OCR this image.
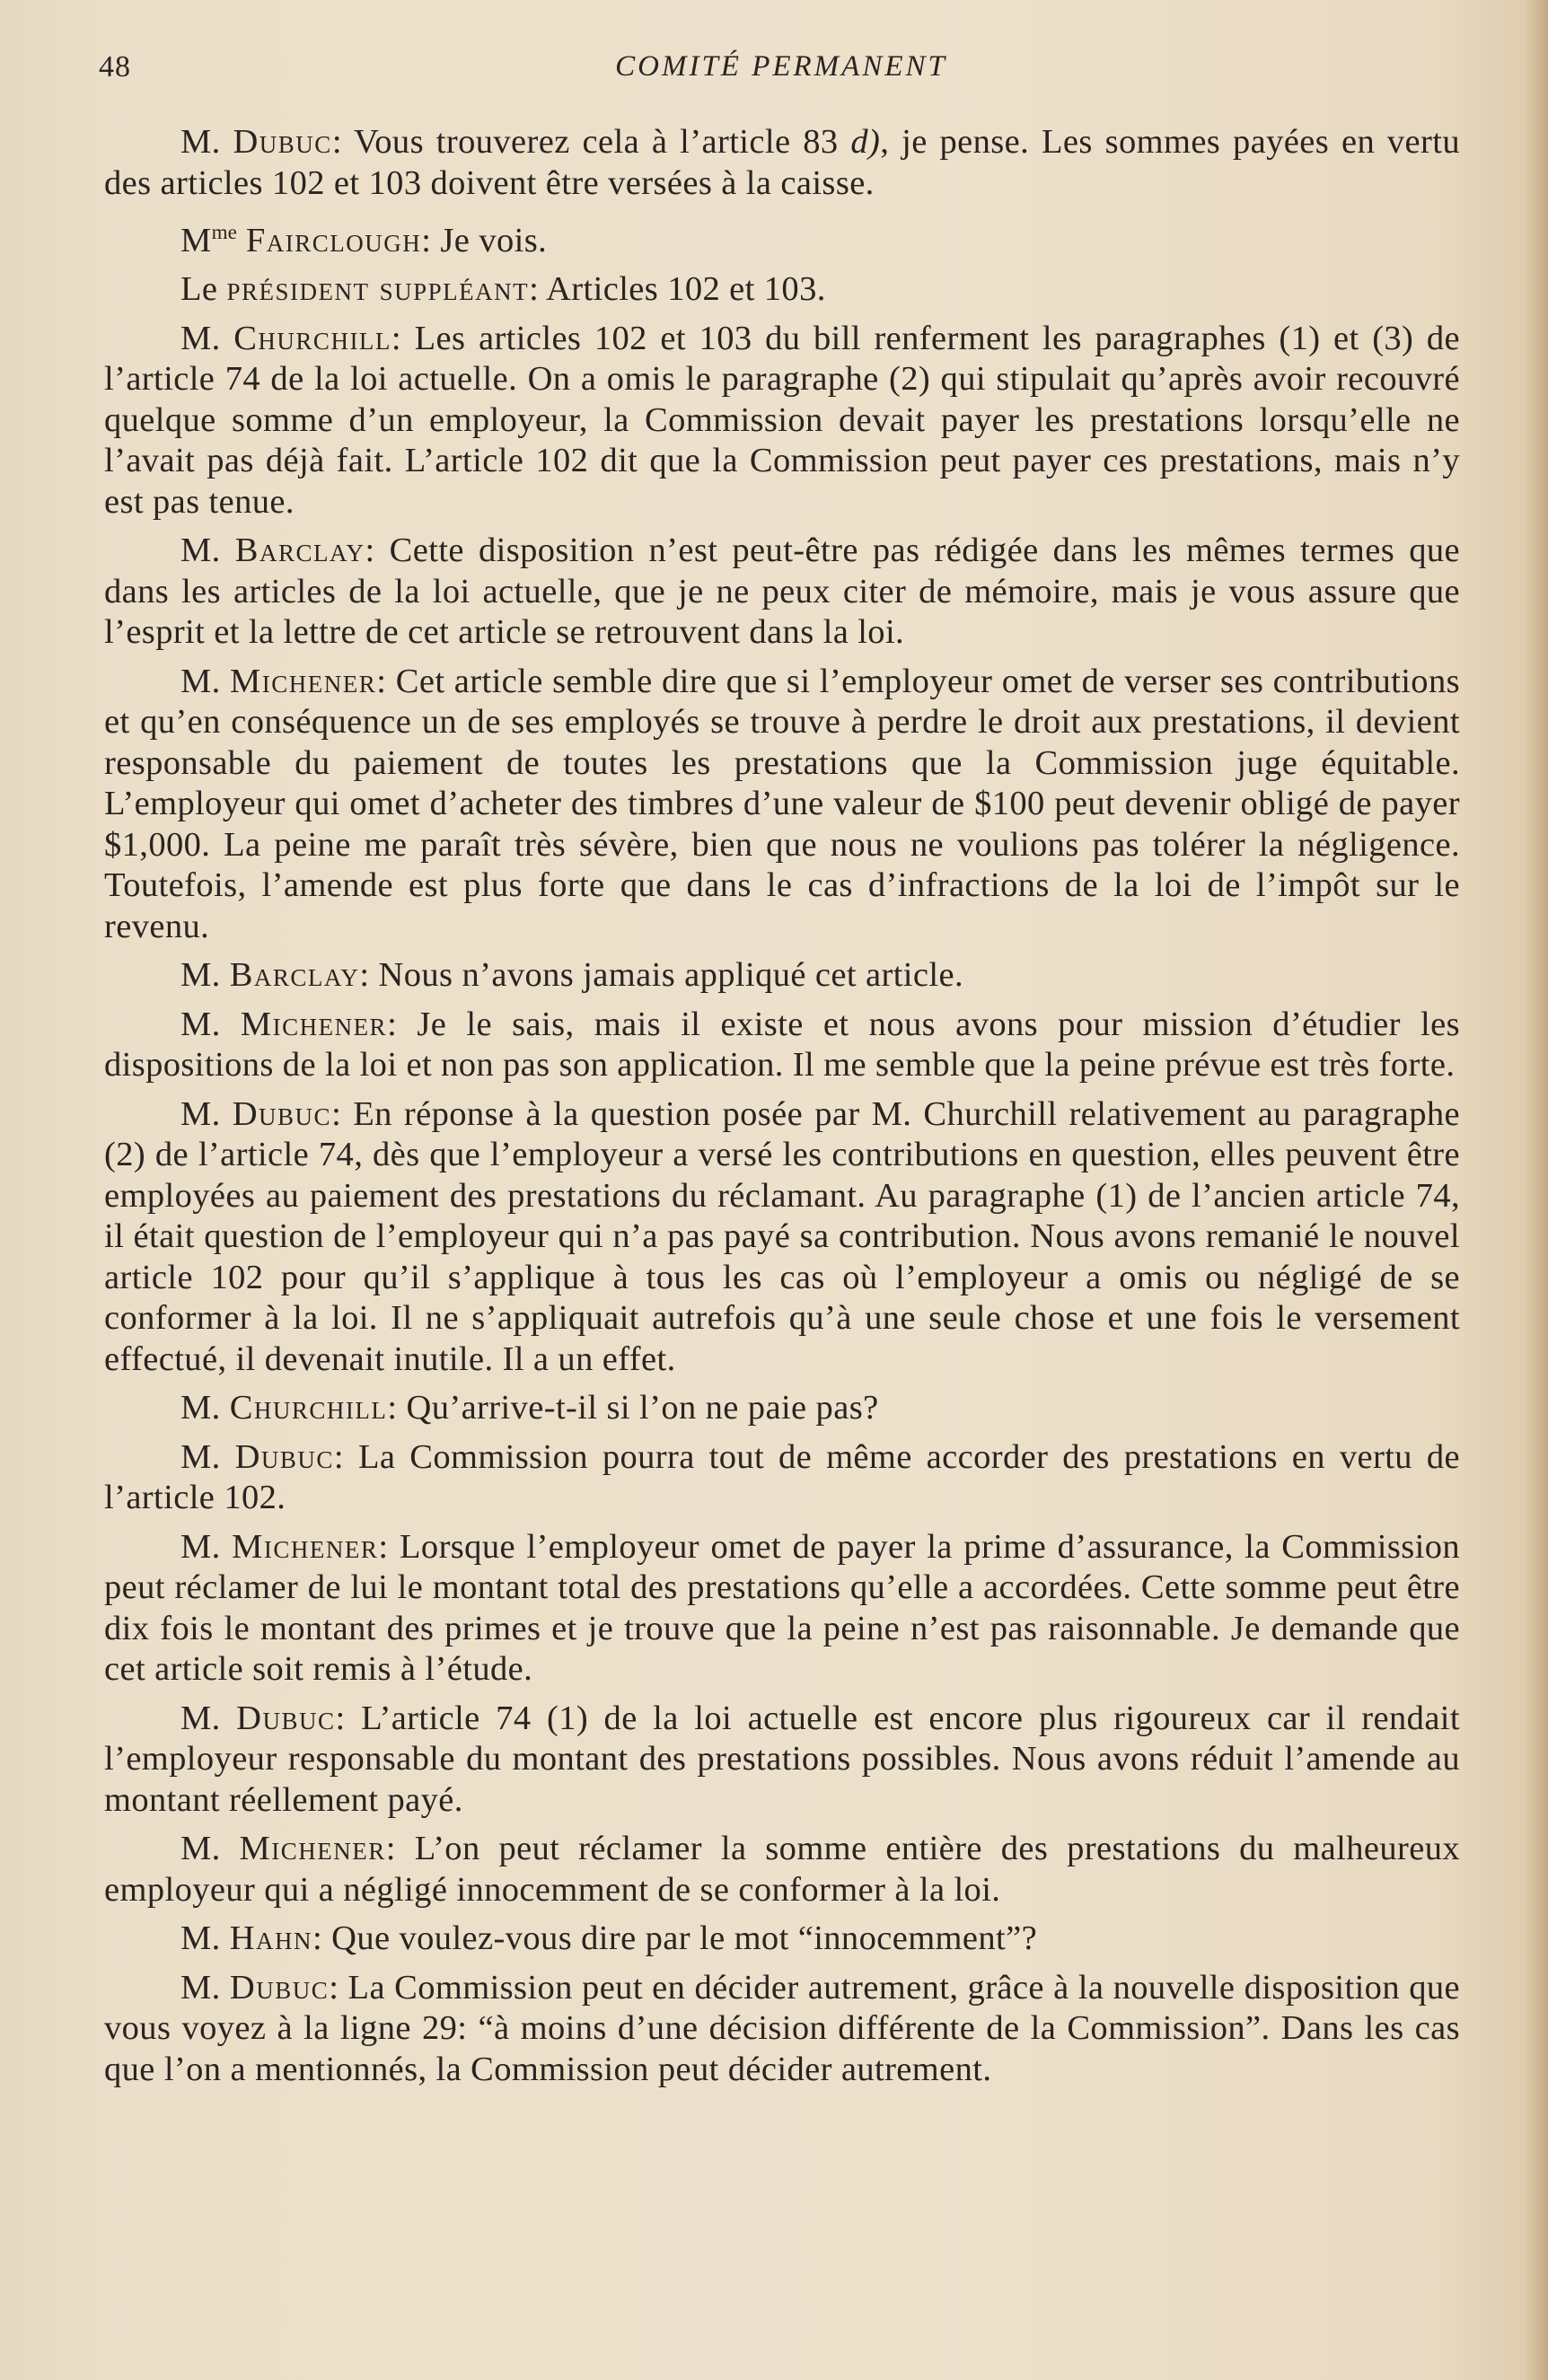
48	COMITÉ PERMANENT

M. Dubuc: Vous trouverez cela à l’article 83 d), je pense. Les sommes payées en vertu des articles 102 et 103 doivent être versées à la caisse.

$M^{me}$ Fairclough: Je vois.

Le président suppléant: Articles 102 et 103.

M. Churchill: Les articles 102 et 103 du bill renferment les paragraphes (1) et (3) de l’article 74 de la loi actuelle. On a omis le paragraphe (2) qui stipulait qu’après avoir recouvré quelque somme d’un employeur, la Commission devait payer les prestations lorsqu’elle ne l’avait pas déjà fait. L’article 102 dit que la Commission peut payer ces prestations, mais n’y est pas tenue.

M. Barclay: Cette disposition n’est peut-être pas rédigée dans les mêmes termes que dans les articles de la loi actuelle, que je ne peux citer de mémoire, mais je vous assure que l’esprit et la lettre de cet article se retrouvent dans la loi.

M. Michener: Cet article semble dire que si l’employeur omet de verser ses contributions et qu’en conséquence un de ses employés se trouve à perdre le droit aux prestations, il devient responsable du paiement de toutes les prestations que la Commission juge équitable. L’employeur qui omet d’acheter des timbres d’une valeur de $100 peut devenir obligé de payer $1,000. La peine me paraît très sévère, bien que nous ne voulions pas tolérer la négligence. Toutefois, l’amende est plus forte que dans le cas d’infractions de la loi de l’impôt sur le revenu.

M. Barclay: Nous n’avons jamais appliqué cet article.

M. Michener: Je le sais, mais il existe et nous avons pour mission d’étudier les dispositions de la loi et non pas son application. Il me semble que la peine prévue est très forte.

M. Dubuc: En réponse à la question posée par M. Churchill relativement au paragraphe (2) de l’article 74, dès que l’employeur a versé les contributions en question, elles peuvent être employées au paiement des prestations du réclamant. Au paragraphe (1) de l’ancien article 74, il était question de l’employeur qui n’a pas payé sa contribution. Nous avons remanié le nouvel article 102 pour qu’il s’applique à tous les cas où l’employeur a omis ou négligé de se conformer à la loi. Il ne s’appliquait autrefois qu’à une seule chose et une fois le versement effectué, il devenait inutile. Il a un effet.

M. Churchill: Qu’arrive-t-il si l’on ne paie pas?

M. Dubuc: La Commission pourra tout de même accorder des prestations en vertu de l’article 102.

M. Michener: Lorsque l’employeur omet de payer la prime d’assurance, la Commission peut réclamer de lui le montant total des prestations qu’elle a accordées. Cette somme peut être dix fois le montant des primes et je trouve que la peine n’est pas raisonnable. Je demande que cet article soit remis à l’étude.

M. Dubuc: L’article 74 (1) de la loi actuelle est encore plus rigoureux car il rendait l’employeur responsable du montant des prestations possibles. Nous avons réduit l’amende au montant réellement payé.

M. Michener: L’on peut réclamer la somme entière des prestations du malheureux employeur qui a négligé innocemment de se conformer à la loi.

M. Hahn: Que voulez-vous dire par le mot “innocemment”?

M. Dubuc: La Commission peut en décider autrement, grâce à la nouvelle disposition que vous voyez à la ligne 29: “à moins d’une décision différente de la Commission”. Dans les cas que l’on a mentionnés, la Commission peut décider autrement.
